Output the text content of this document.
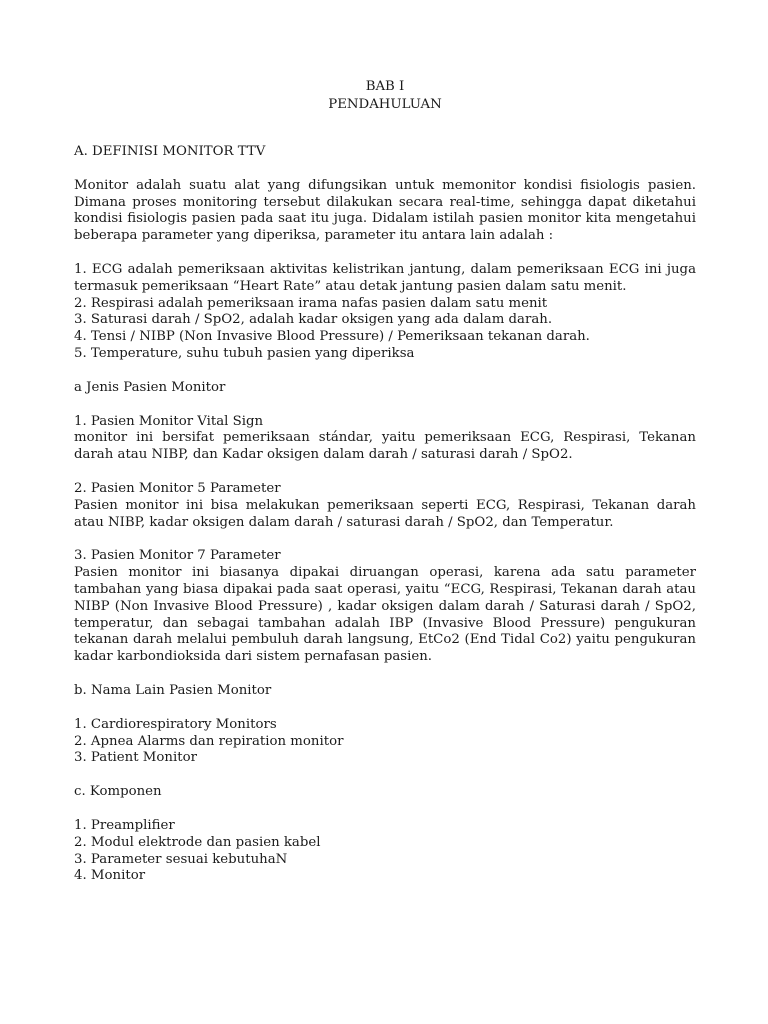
BAB I
PENDAHULUAN

A. DEFINISI MONITOR TTV

Monitor adalah suatu alat yang difungsikan untuk memonitor kondisi fisiologis pasien. Dimana proses monitoring tersebut dilakukan secara real-time, sehingga dapat diketahui kondisi fisiologis pasien pada saat itu juga. Didalam istilah pasien monitor kita mengetahui beberapa parameter yang diperiksa, parameter itu antara lain adalah :

1. ECG adalah pemeriksaan aktivitas kelistrikan jantung, dalam pemeriksaan ECG ini juga termasuk pemeriksaan “Heart Rate” atau detak jantung pasien dalam satu menit.

2. Respirasi adalah pemeriksaan irama nafas pasien dalam satu menit

3. Saturasi darah / SpO2, adalah kadar oksigen yang ada dalam darah.

4. Tensi / NIBP (Non Invasive Blood Pressure) / Pemeriksaan tekanan darah.

5. Temperature, suhu tubuh pasien yang diperiksa

a Jenis Pasien Monitor

1. Pasien Monitor Vital Sign

monitor ini bersifat pemeriksaan stándar, yaitu pemeriksaan ECG, Respirasi, Tekanan darah atau NIBP, dan Kadar oksigen dalam darah / saturasi darah / SpO2.

2. Pasien Monitor 5 Parameter

Pasien monitor ini bisa melakukan pemeriksaan seperti ECG, Respirasi, Tekanan darah atau NIBP, kadar oksigen dalam darah / saturasi darah / SpO2, dan Temperatur.

3. Pasien Monitor 7 Parameter

Pasien monitor ini biasanya dipakai diruangan operasi, karena ada satu parameter tambahan yang biasa dipakai pada saat operasi, yaitu “ECG, Respirasi, Tekanan darah atau NIBP (Non Invasive Blood Pressure) , kadar oksigen dalam darah / Saturasi darah / SpO2, temperatur, dan sebagai tambahan adalah IBP (Invasive Blood Pressure) pengukuran tekanan darah melalui pembuluh darah langsung, EtCo2 (End Tidal Co2) yaitu pengukuran kadar karbondioksida dari sistem pernafasan pasien.

b. Nama Lain Pasien Monitor

1. Cardiorespiratory Monitors

2. Apnea Alarms dan repiration monitor

3. Patient Monitor

c. Komponen

1. Preamplifier

2. Modul elektrode dan pasien kabel

3. Parameter sesuai kebutuhaN

4. Monitor
